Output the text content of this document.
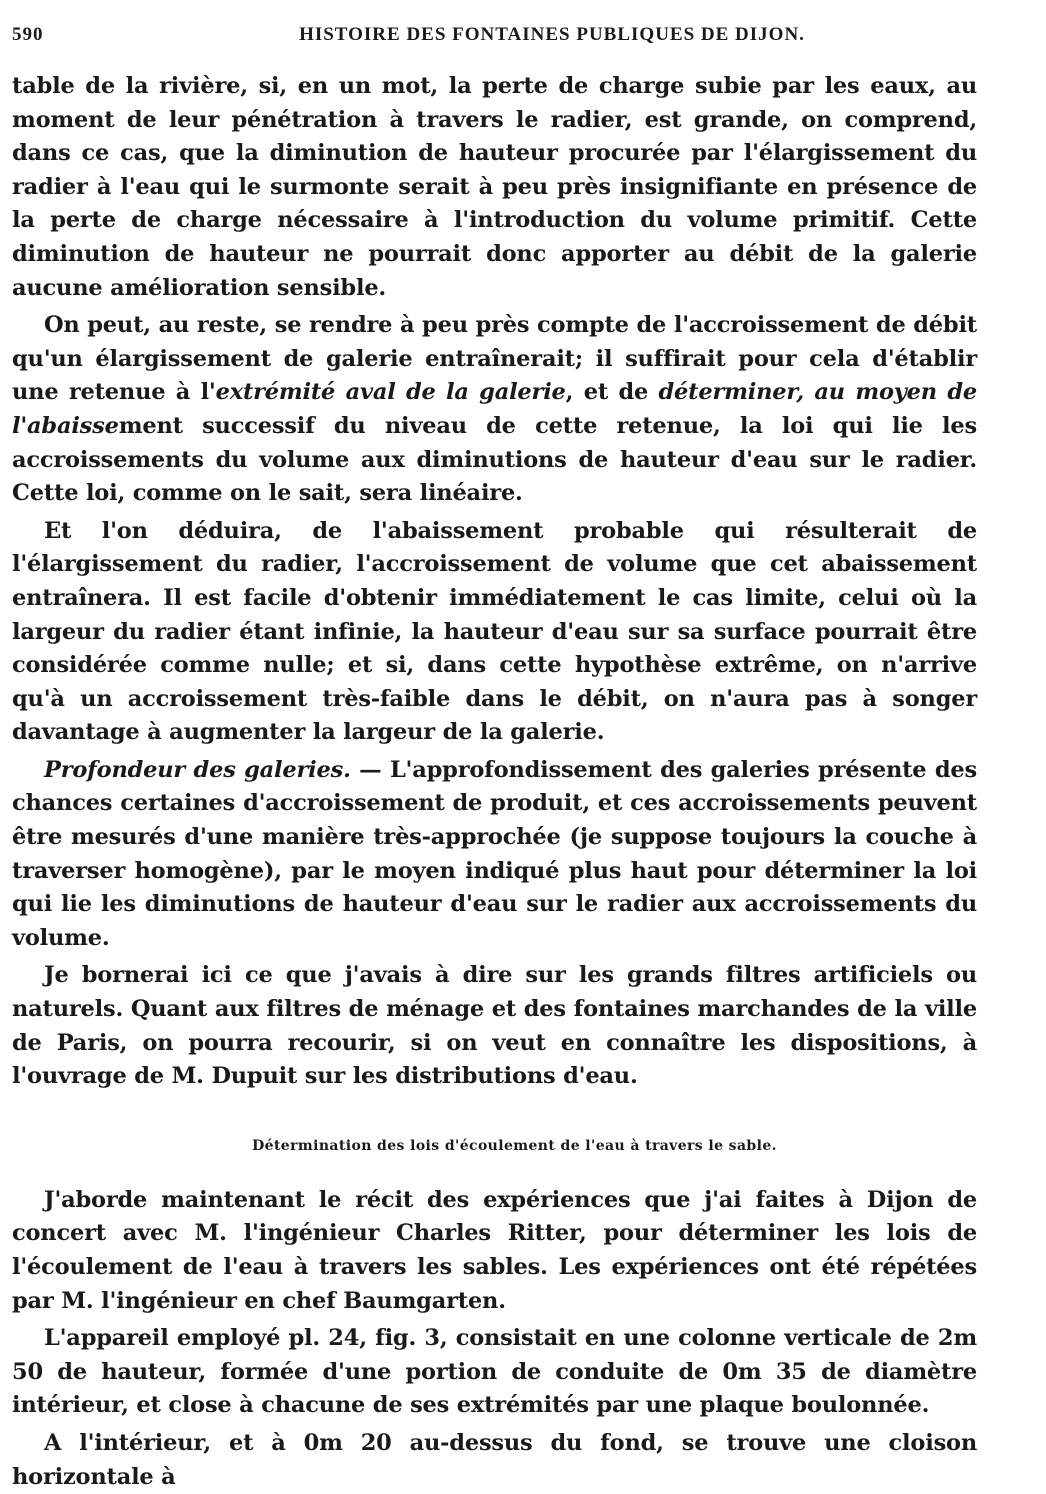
590	HISTOIRE DES FONTAINES PUBLIQUES DE DIJON.

table de la rivière, si, en un mot, la perte de charge subie par les eaux, au moment de leur pénétration à travers le radier, est grande, on comprend, dans ce cas, que la diminution de hauteur procurée par l'élargissement du radier à l'eau qui le surmonte serait à peu près insignifiante en présence de la perte de charge nécessaire à l'introduction du volume primitif. Cette diminution de hauteur ne pourrait donc apporter au débit de la galerie aucune amélioration sensible.

On peut, au reste, se rendre à peu près compte de l'accroissement de débit qu'un élargissement de galerie entraînerait; il suffirait pour cela d'établir une retenue à l'extrémité aval de la galerie, et de déterminer, au moyen de l'abaissement successif du niveau de cette retenue, la loi qui lie les accroissements du volume aux diminutions de hauteur d'eau sur le radier. Cette loi, comme on le sait, sera linéaire.

Et l'on déduira, de l'abaissement probable qui résulterait de l'élargissement du radier, l'accroissement de volume que cet abaissement entraînera. Il est facile d'obtenir immédiatement le cas limite, celui où la largeur du radier étant infinie, la hauteur d'eau sur sa surface pourrait être considérée comme nulle; et si, dans cette hypothèse extrême, on n'arrive qu'à un accroissement très-faible dans le débit, on n'aura pas à songer davantage à augmenter la largeur de la galerie.

Profondeur des galeries. — L'approfondissement des galeries présente des chances certaines d'accroissement de produit, et ces accroissements peuvent être mesurés d'une manière très-approchée (je suppose toujours la couche à traverser homogène), par le moyen indiqué plus haut pour déterminer la loi qui lie les diminutions de hauteur d'eau sur le radier aux accroissements du volume.

Je bornerai ici ce que j'avais à dire sur les grands filtres artificiels ou naturels. Quant aux filtres de ménage et des fontaines marchandes de la ville de Paris, on pourra recourir, si on veut en connaître les dispositions, à l'ouvrage de M. Dupuit sur les distributions d'eau.

Détermination des lois d'écoulement de l'eau à travers le sable.

J'aborde maintenant le récit des expériences que j'ai faites à Dijon de concert avec M. l'ingénieur Charles Ritter, pour déterminer les lois de l'écoulement de l'eau à travers les sables. Les expériences ont été répétées par M. l'ingénieur en chef Baumgarten.

L'appareil employé pl. 24, fig. 3, consistait en une colonne verticale de 2m 50 de hauteur, formée d'une portion de conduite de 0m 35 de diamètre intérieur, et close à chacune de ses extrémités par une plaque boulonnée.

A l'intérieur, et à 0m 20 au-dessus du fond, se trouve une cloison horizontale à
